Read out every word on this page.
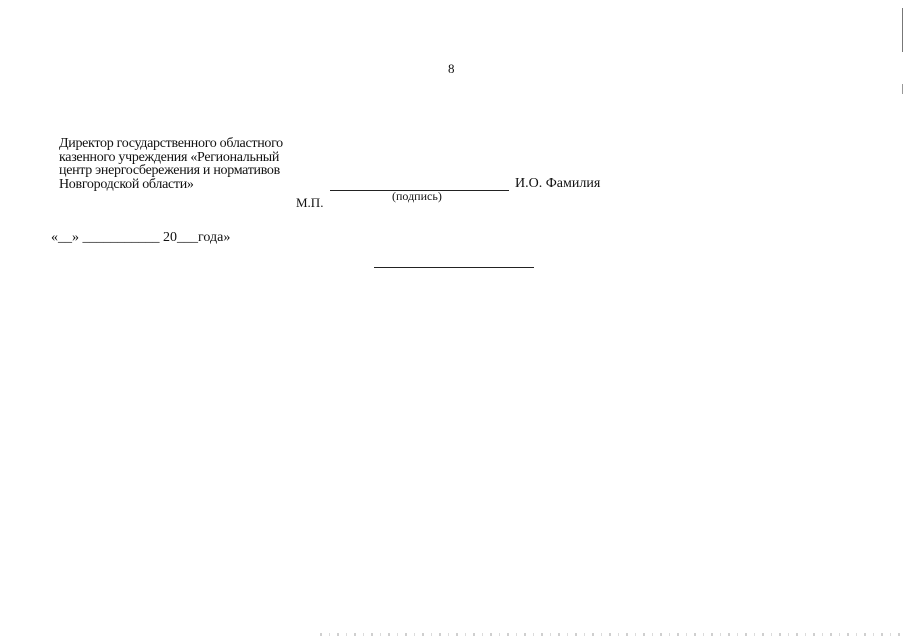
8
Директор государственного областного
казенного учреждения «Региональный
центр энергосбережения и нормативов
Новгородской области»	И.О. Фамилия
(подпись)
М.П.
«__» ___________ 20___года»
